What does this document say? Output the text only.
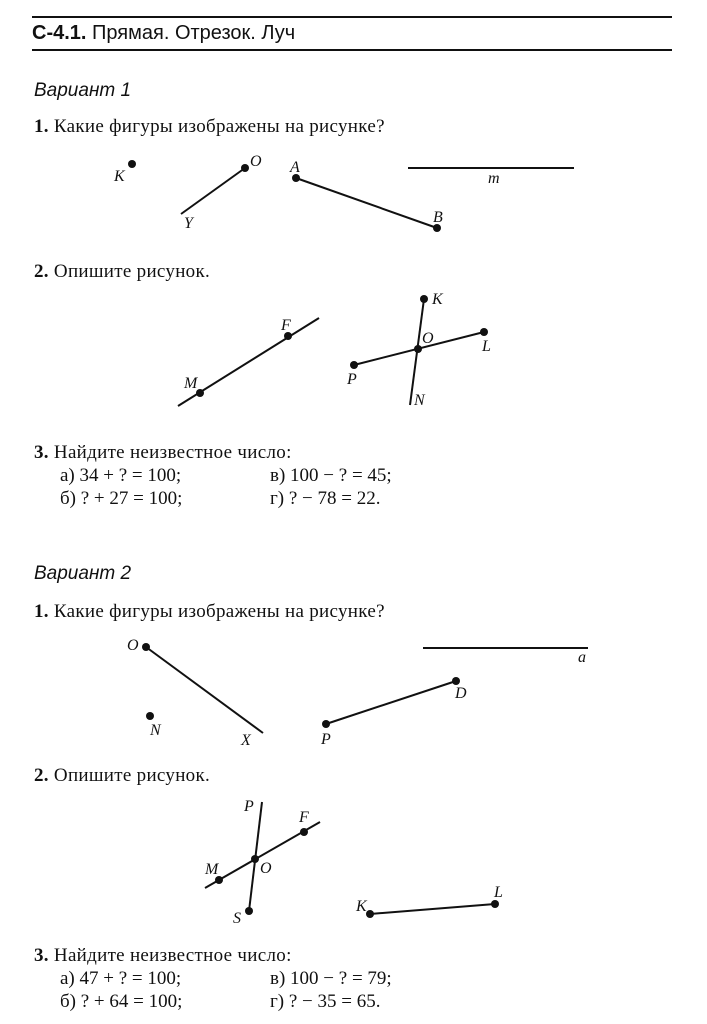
С-4.1. Прямая. Отрезок. Луч
Вариант 1
1. Какие фигуры изображены на рисунке?
K
O
Y
A
B
m
2. Опишите рисунок.
F
M
K
N
O	L
P
3. Найдите неизвестное число:
а) 34 + ? = 100;	в) 100 − ? = 45;
б) ? + 27 = 100;	г) ? − 78 = 22.
Вариант 2
1. Какие фигуры изображены на рисунке?
O
X
N
a
D
P
2. Опишите рисунок.
P
S
F
M	O
K
L
3. Найдите неизвестное число:
а) 47 + ? = 100;	в) 100 − ? = 79;
б) ? + 64 = 100;	г) ? − 35 = 65.
